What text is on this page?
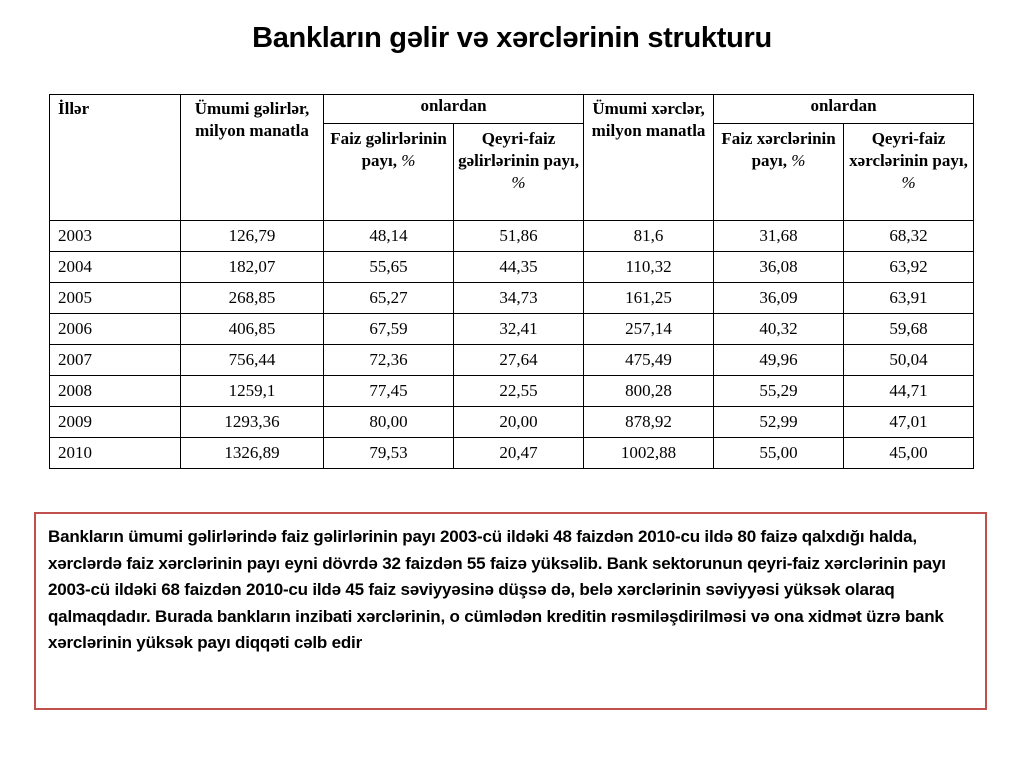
Bankların gəlir və xərclərinin strukturu
İllər	Ümumi gəlirlər, milyon manatla	onlardan		Ümumi xərclər, milyon manatla	onlardan	
		Faiz gəlirlərinin payı, %	Qeyri-faiz gəlirlərinin payı, %		Faiz xərclərinin payı, %	Qeyri-faiz xərclərinin payı, %
2003	126,79	48,14	51,86	81,6	31,68	68,32
2004	182,07	55,65	44,35	110,32	36,08	63,92
2005	268,85	65,27	34,73	161,25	36,09	63,91
2006	406,85	67,59	32,41	257,14	40,32	59,68
2007	756,44	72,36	27,64	475,49	49,96	50,04
2008	1259,1	77,45	22,55	800,28	55,29	44,71
2009	1293,36	80,00	20,00	878,92	52,99	47,01
2010	1326,89	79,53	20,47	1002,88	55,00	45,00
Bankların ümumi gəlirlərində faiz gəlirlərinin payı 2003-cü ildəki 48 faizdən 2010-cu ildə 80 faizə qalxdığı halda, xərclərdə faiz xərclərinin payı eyni dövrdə 32 faizdən 55 faizə yüksəlib. Bank sektorunun qeyri-faiz xərclərinin payı 2003-cü ildəki 68 faizdən 2010-cu ildə 45 faiz səviyyəsinə düşsə də, belə xərclərinin səviyyəsi yüksək olaraq qalmaqdadır. Burada bankların inzibati xərclərinin, o cümlədən kreditin rəsmiləşdirilməsi və ona xidmət üzrə bank xərclərinin yüksək payı diqqəti cəlb edir
